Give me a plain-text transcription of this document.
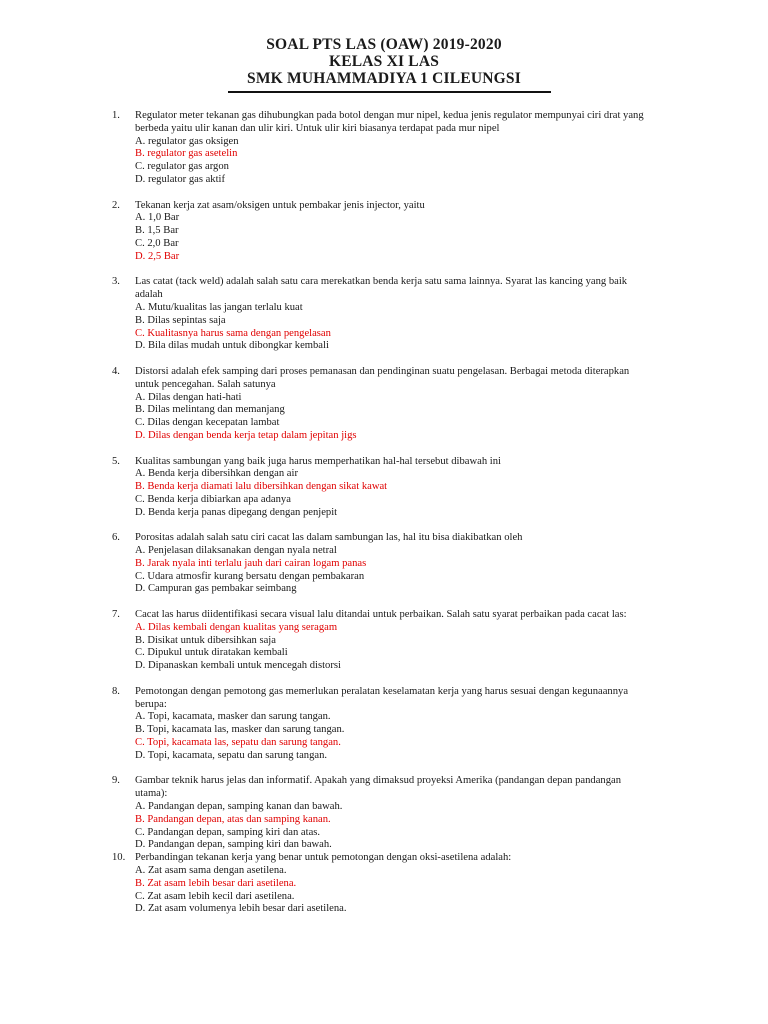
SOAL PTS LAS (OAW) 2019-2020
KELAS XI LAS
SMK MUHAMMADIYA 1 CILEUNGSI
1.	Regulator meter tekanan gas dihubungkan pada botol dengan mur nipel, kedua jenis regulator mempunyai ciri drat yang berbeda yaitu ulir kanan dan ulir kiri. Untuk ulir kiri biasanya terdapat pada mur nipel
A. regulator gas oksigen
B. regulator gas asetelin
C. regulator gas argon
D. regulator gas aktif
2.	Tekanan kerja zat asam/oksigen untuk pembakar jenis injector, yaitu
A. 1,0 Bar
B. 1,5 Bar
C. 2,0 Bar
D. 2,5 Bar
3.	Las catat (tack weld) adalah salah satu cara merekatkan benda kerja satu sama lainnya. Syarat las kancing yang baik adalah
A. Mutu/kualitas las jangan terlalu kuat
B. Dilas sepintas saja
C. Kualitasnya harus sama dengan pengelasan
D. Bila dilas mudah untuk dibongkar kembali
4.	Distorsi adalah efek samping dari proses pemanasan dan pendinginan suatu pengelasan. Berbagai metoda diterapkan untuk pencegahan. Salah satunya
A. Dilas dengan hati-hati
B. Dilas melintang dan memanjang
C. Dilas dengan kecepatan lambat
D. Dilas dengan benda kerja tetap dalam jepitan jigs
5.	Kualitas sambungan yang baik juga harus memperhatikan hal-hal tersebut dibawah ini
A. Benda kerja dibersihkan dengan air
B. Benda kerja diamati lalu dibersihkan dengan sikat kawat
C. Benda kerja dibiarkan apa adanya
D. Benda kerja panas dipegang dengan penjepit
6.	Porositas adalah salah satu ciri cacat las dalam sambungan las, hal itu bisa diakibatkan oleh
A. Penjelasan dilaksanakan dengan nyala netral
B. Jarak nyala inti terlalu jauh dari cairan logam panas
C. Udara atmosfir kurang bersatu dengan pembakaran
D. Campuran gas pembakar seimbang
7.	Cacat las harus diidentifikasi secara visual lalu ditandai untuk perbaikan. Salah satu syarat perbaikan pada cacat las:
A. Dilas kembali dengan kualitas yang seragam
B. Disikat untuk dibersihkan saja
C. Dipukul untuk diratakan kembali
D. Dipanaskan kembali untuk mencegah distorsi
8.	Pemotongan dengan pemotong gas memerlukan peralatan keselamatan kerja yang harus sesuai dengan kegunaannya berupa:
A. Topi, kacamata, masker dan sarung tangan.
B. Topi, kacamata las, masker dan sarung tangan.
C. Topi, kacamata las, sepatu dan sarung tangan.
D. Topi, kacamata, sepatu dan sarung tangan.
9.	Gambar teknik harus jelas dan informatif. Apakah yang dimaksud proyeksi Amerika (pandangan depan pandangan utama):
A. Pandangan depan, samping kanan dan bawah.
B. Pandangan depan, atas dan samping kanan.
C. Pandangan depan, samping kiri dan atas.
D. Pandangan depan, samping kiri dan bawah.
10. Perbandingan tekanan kerja yang benar untuk pemotongan dengan oksi-asetilena adalah:
A. Zat asam sama dengan asetilena.
B. Zat asam lebih besar dari asetilena.
C. Zat asam lebih kecil dari asetilena.
D. Zat asam volumenya lebih besar dari asetilena.
